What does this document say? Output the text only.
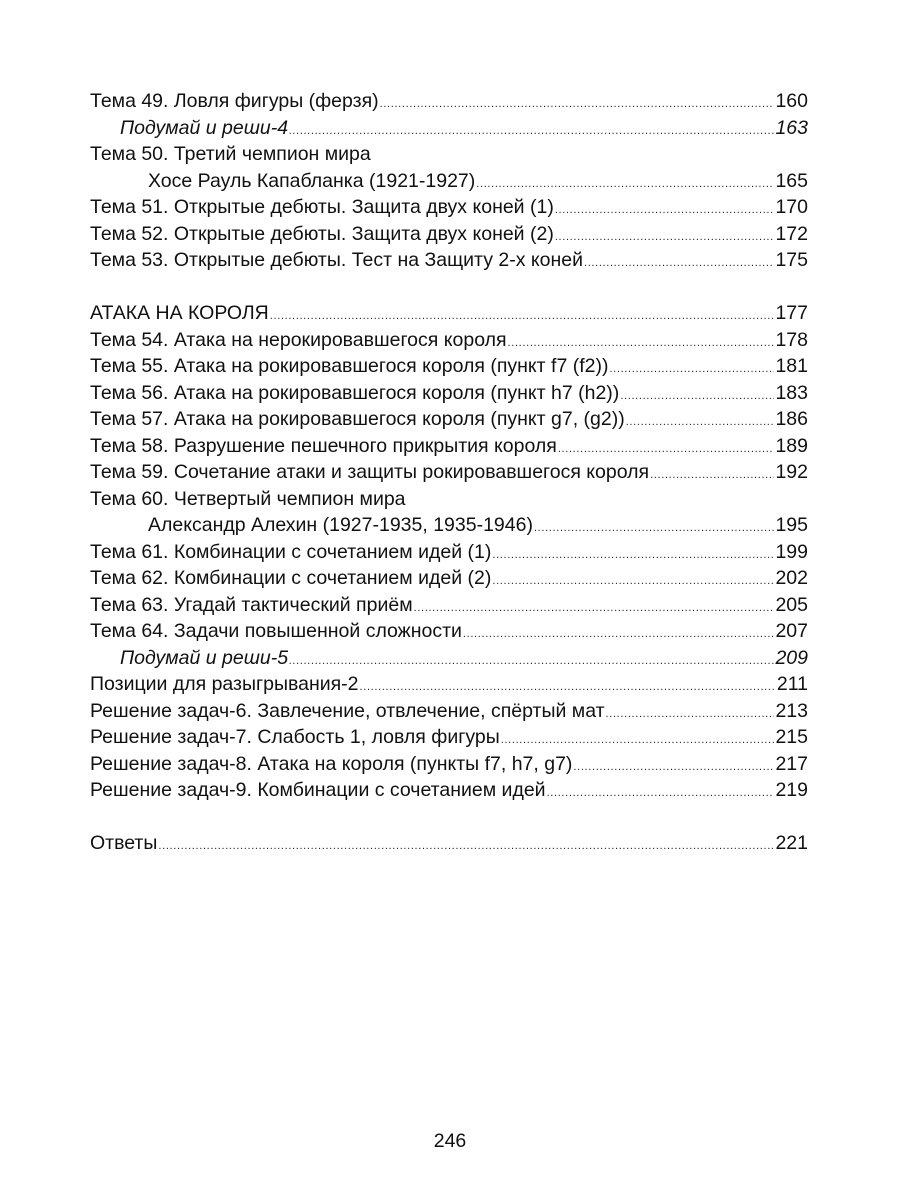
Тема 49. Ловля фигуры (ферзя) . . .	160
Подумай и реши-4 . . .	163
Тема 50. Третий чемпион мира
Хосе Рауль Капабланка (1921-1927) . . .	165
Тема 51. Открытые дебюты. Защита двух коней (1) . . .	170
Тема 52. Открытые дебюты. Защита двух коней (2) . . .	172
Тема 53. Открытые дебюты. Тест на Защиту 2-х коней . . .	175
АТАКА НА КОРОЛЯ . . .	177
Тема 54. Атака на нерокировавшегося короля . . .	178
Тема 55. Атака на рокировавшегося короля (пункт f7 (f2)) . . .	181
Тема 56. Атака на рокировавшегося короля (пункт h7 (h2)) . . .	183
Тема 57. Атака на рокировавшегося короля (пункт g7, (g2)) . . .	186
Тема 58. Разрушение пешечного прикрытия короля . . .	189
Тема 59. Сочетание атаки и защиты рокировавшегося короля . . .	192
Тема 60. Четвертый чемпион мира
Александр Алехин (1927-1935, 1935-1946) . . .	195
Тема 61. Комбинации с сочетанием идей (1) . . .	199
Тема 62. Комбинации с сочетанием идей (2) . . .	202
Тема 63. Угадай тактический приём . . .	205
Тема 64. Задачи повышенной сложности . . .	207
Подумай и реши-5 . . .	209
Позиции для разыгрывания-2 . . .	211
Решение задач-6. Завлечение, отвлечение, спёртый мат . . .	213
Решение задач-7. Слабость 1, ловля фигуры . . .	215
Решение задач-8. Атака на короля (пункты f7, h7, g7) . . .	217
Решение задач-9. Комбинации с сочетанием идей . . .	219
Ответы . . .	221
246
